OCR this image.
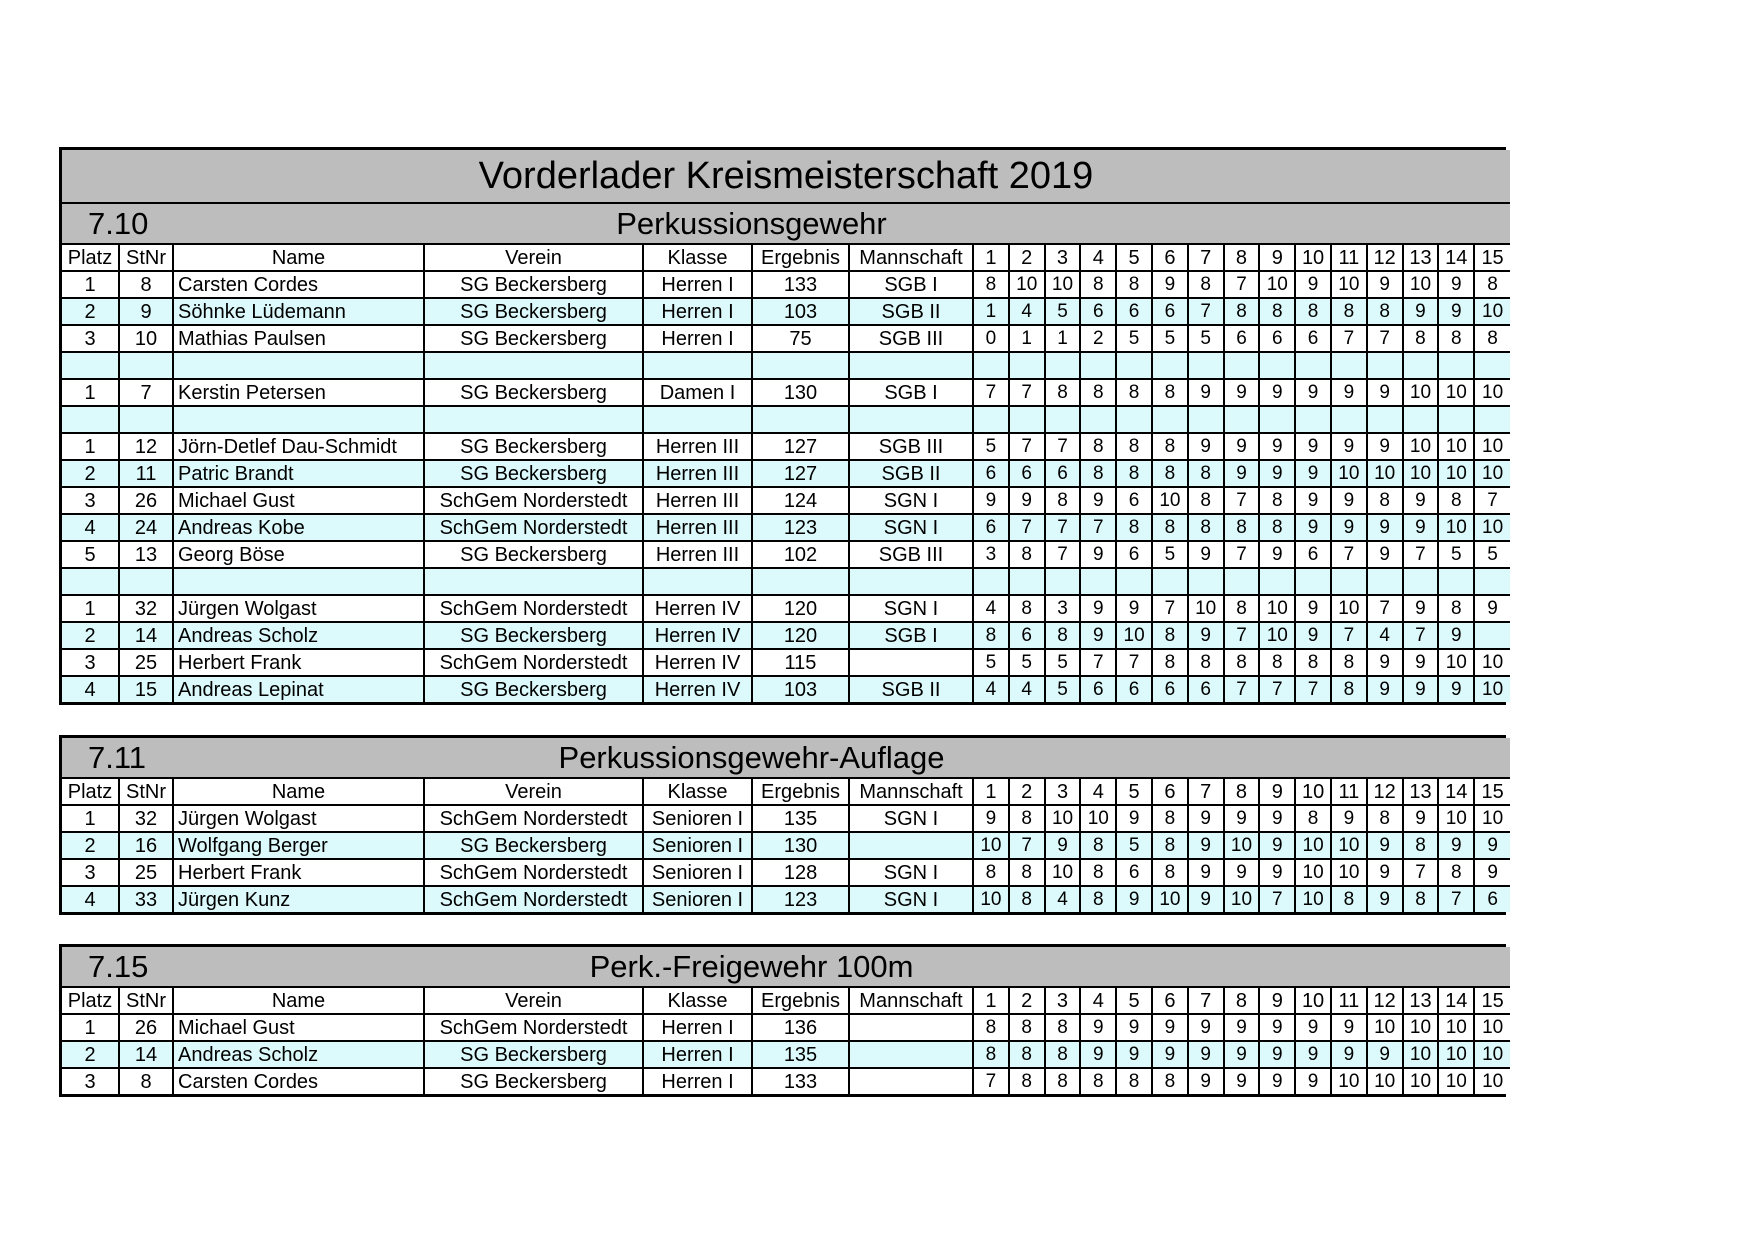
Vorderlader Kreismeisterschaft 2019																					
7.10		Perkussionsgewehr																			
Platz	StNr	Name	Verein	Klasse	Ergebnis	Mannschaft	1	2	3	4	5	6	7	8	9	10	11	12	13	14	15
1	8	Carsten Cordes	SG Beckersberg	Herren I	133	SGB I	8	10	10	8	8	9	8	7	10	9	10	9	10	9	8
2	9	Söhnke Lüdemann	SG Beckersberg	Herren I	103	SGB II	1	4	5	6	6	6	7	8	8	8	8	8	9	9	10
3	10	Mathias Paulsen	SG Beckersberg	Herren I	75	SGB III	0	1	1	2	5	5	5	6	6	6	7	7	8	8	8

1	7	Kerstin Petersen	SG Beckersberg	Damen I	130	SGB I	7	7	8	8	8	8	9	9	9	9	9	9	10	10	10

1	12	Jörn-Detlef Dau-Schmidt	SG Beckersberg	Herren III	127	SGB III	5	7	7	8	8	8	9	9	9	9	9	9	10	10	10
2	11	Patric Brandt	SG Beckersberg	Herren III	127	SGB II	6	6	6	8	8	8	8	9	9	9	10	10	10	10	10
3	26	Michael Gust	SchGem Norderstedt	Herren III	124	SGN I	9	9	8	9	6	10	8	7	8	9	9	8	9	8	7
4	24	Andreas Kobe	SchGem Norderstedt	Herren III	123	SGN I	6	7	7	7	8	8	8	8	8	9	9	9	9	10	10
5	13	Georg Böse	SG Beckersberg	Herren III	102	SGB III	3	8	7	9	6	5	9	7	9	6	7	9	7	5	5

1	32	Jürgen Wolgast	SchGem Norderstedt	Herren IV	120	SGN I	4	8	3	9	9	7	10	8	10	9	10	7	9	8	9
2	14	Andreas Scholz	SG Beckersberg	Herren IV	120	SGB I	8	6	8	9	10	8	9	7	10	9	7	4	7	9	
3	25	Herbert Frank	SchGem Norderstedt	Herren IV	115		5	5	5	7	7	8	8	8	8	8	8	9	9	10	10
4	15	Andreas Lepinat	SG Beckersberg	Herren IV	103	SGB II	4	4	5	6	6	6	6	7	7	7	8	9	9	9	10
7.11		Perkussionsgewehr-Auflage																			
Platz	StNr	Name	Verein	Klasse	Ergebnis	Mannschaft	1	2	3	4	5	6	7	8	9	10	11	12	13	14	15
1	32	Jürgen Wolgast	SchGem Norderstedt	Senioren I	135	SGN I	9	8	10	10	9	8	9	9	9	8	9	8	9	10	10
2	16	Wolfgang Berger	SG Beckersberg	Senioren I	130		10	7	9	8	5	8	9	10	9	10	10	9	8	9	9
3	25	Herbert Frank	SchGem Norderstedt	Senioren I	128	SGN I	8	8	10	8	6	8	9	9	9	10	10	9	7	8	9
4	33	Jürgen Kunz	SchGem Norderstedt	Senioren I	123	SGN I	10	8	4	8	9	10	9	10	7	10	8	9	8	7	6
7.15		Perk.-Freigewehr 100m																			
Platz	StNr	Name	Verein	Klasse	Ergebnis	Mannschaft	1	2	3	4	5	6	7	8	9	10	11	12	13	14	15
1	26	Michael Gust	SchGem Norderstedt	Herren I	136		8	8	8	9	9	9	9	9	9	9	9	10	10	10	10
2	14	Andreas Scholz	SG Beckersberg	Herren I	135		8	8	8	9	9	9	9	9	9	9	9	9	10	10	10
3	8	Carsten Cordes	SG Beckersberg	Herren I	133		7	8	8	8	8	8	9	9	9	9	10	10	10	10	10
